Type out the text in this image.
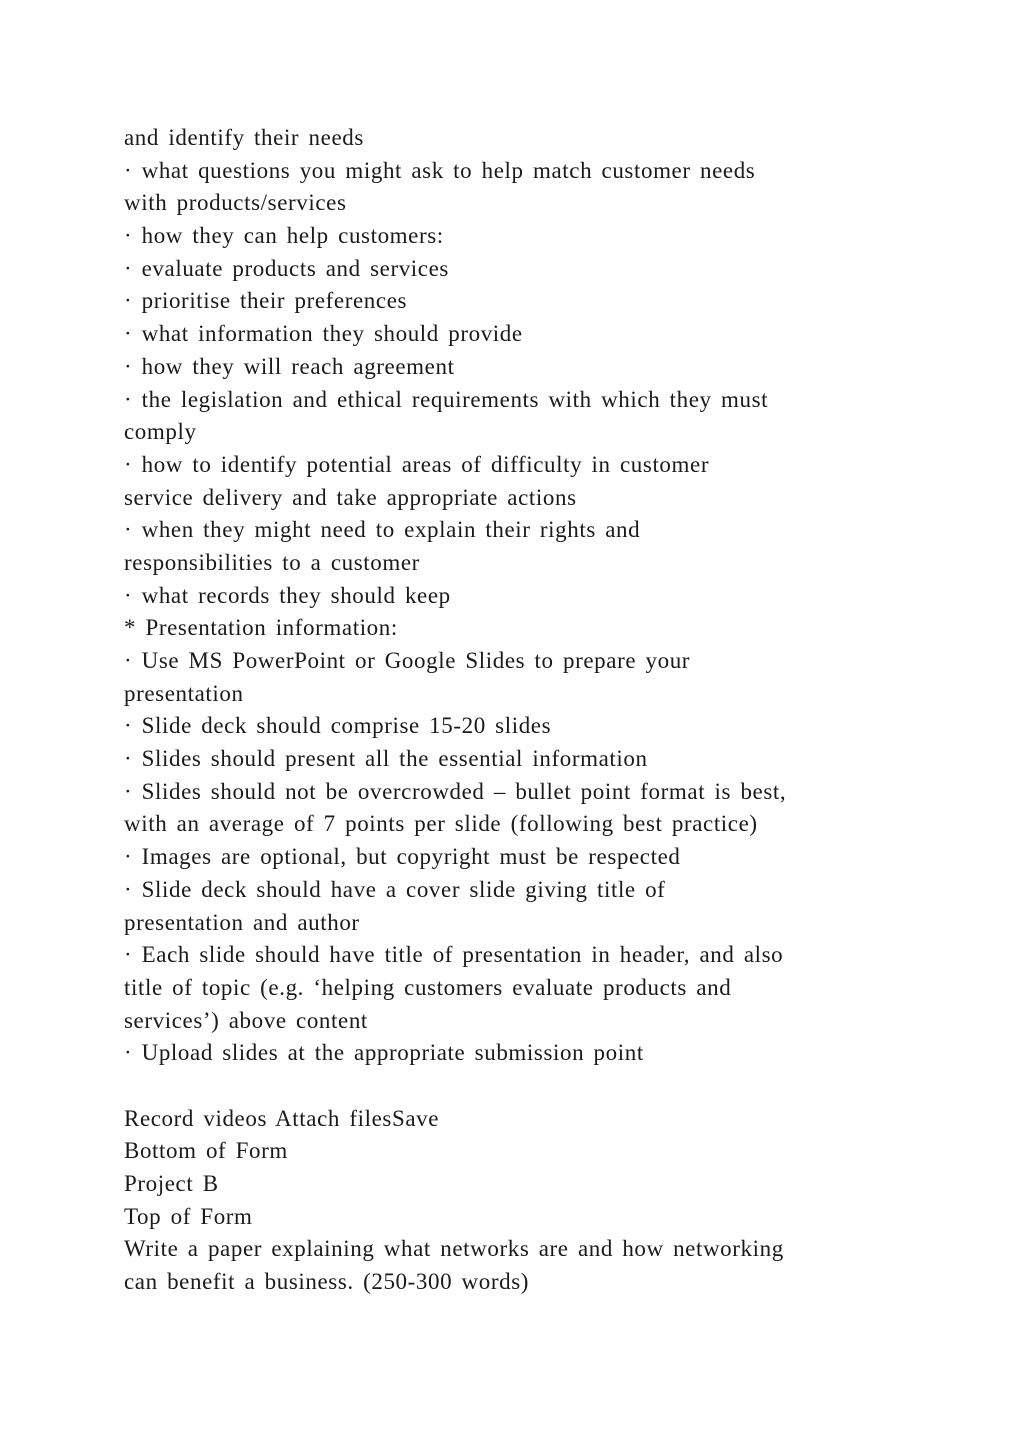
and identify their needs
· what questions you might ask to help match customer needs
with products/services
· how they can help customers:
· evaluate products and services
· prioritise their preferences
· what information they should provide
· how they will reach agreement
· the legislation and ethical requirements with which they must
comply
· how to identify potential areas of difficulty in customer
service delivery and take appropriate actions
· when they might need to explain their rights and
responsibilities to a customer
· what records they should keep
* Presentation information:
· Use MS PowerPoint or Google Slides to prepare your
presentation
· Slide deck should comprise 15-20 slides
· Slides should present all the essential information
· Slides should not be overcrowded – bullet point format is best,
with an average of 7 points per slide (following best practice)
· Images are optional, but copyright must be respected
· Slide deck should have a cover slide giving title of
presentation and author
· Each slide should have title of presentation in header, and also
title of topic (e.g. ‘helping customers evaluate products and
services’) above content
· Upload slides at the appropriate submission point
Record videos Attach filesSave
Bottom of Form
Project B
Top of Form
Write a paper explaining what networks are and how networking
can benefit a business. (250-300 words)
